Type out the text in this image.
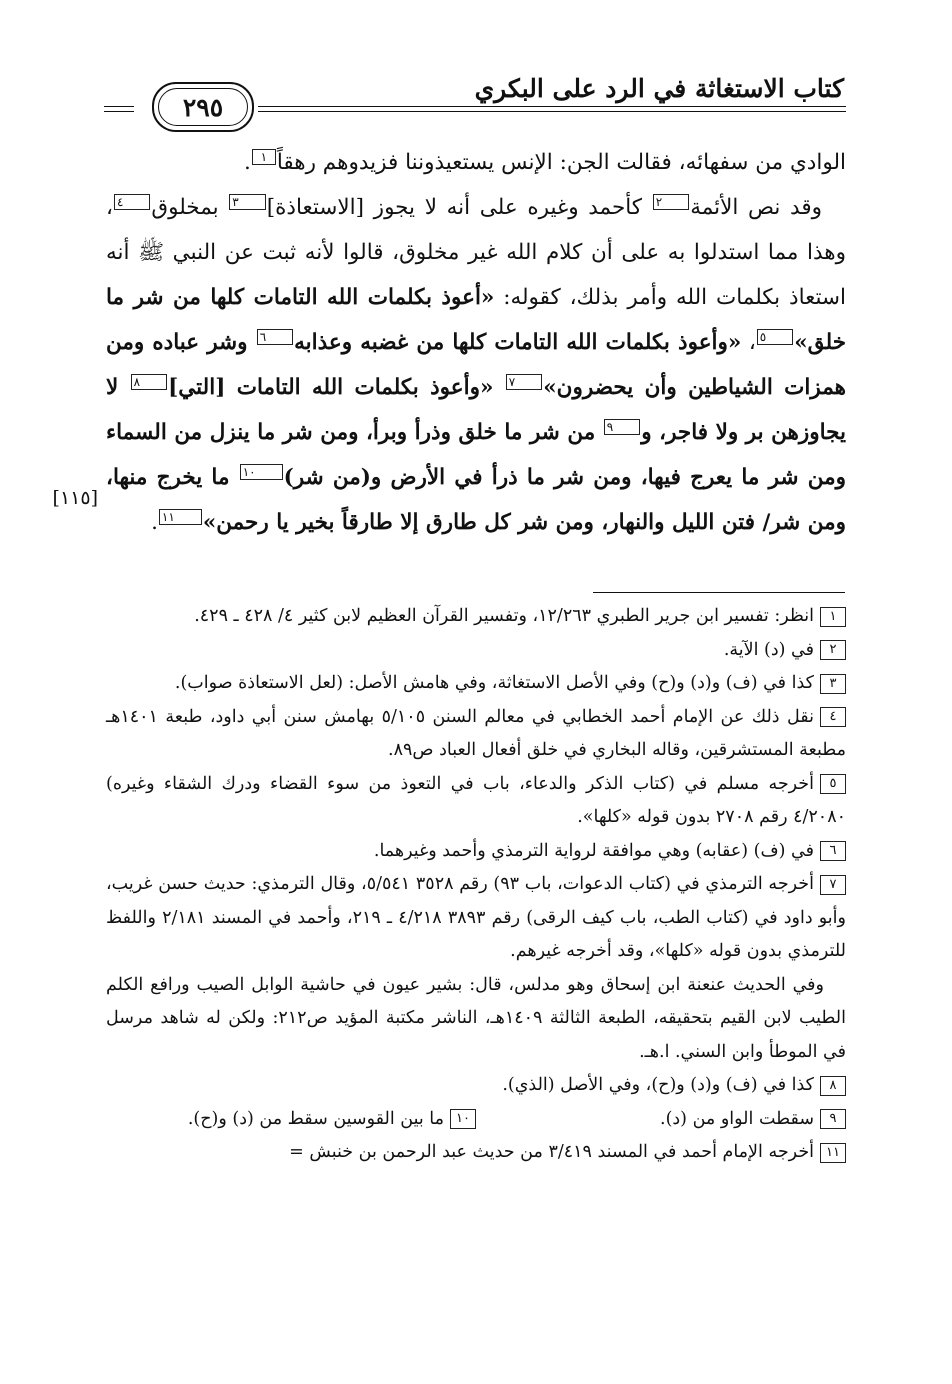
كتاب الاستغاثة في الرد على البكري
٢٩٥

الوادي من سفهائه، فقالت الجن: الإنس يستعيذوننا فزيدوهم رهقاً١.

وقد نص الأئمة٢ كأحمد وغيره على أنه لا يجوز [الاستعاذة]٣ بمخلوق٤، وهذا مما استدلوا به على أن كلام الله غير مخلوق، قالوا لأنه ثبت عن النبي ﷺ أنه استعاذ بكلمات الله وأمر بذلك، كقوله: «أعوذ بكلمات الله التامات كلها من شر ما خلق»٥، «وأعوذ بكلمات الله التامات كلها من غضبه وعذابه٦ وشر عباده ومن همزات الشياطين وأن يحضرون»٧ «وأعوذ بكلمات الله التامات [التي]٨ لا يجاوزهن بر ولا فاجر، و٩ من شر ما خلق وذرأ وبرأ، ومن شر ما ينزل من السماء ومن شر ما يعرج فيها، ومن شر ما ذرأ في الأرض و(من شر)١٠ ما يخرج منها، ومن شر/ فتن الليل والنهار، ومن شر كل طارق إلا طارقاً بخير يا رحمن»١١.

[١١٥]

١انظر: تفسير ابن جرير الطبري ١٢/٢٦٣، وتفسير القرآن العظيم لابن كثير ٤/ ٤٢٨ ـ ٤٢٩.

٢في (د) الآية.

٣كذا في (ف) و(د) و(ح) وفي الأصل الاستغاثة، وفي هامش الأصل: (لعل الاستعاذة صواب).

٤نقل ذلك عن الإمام أحمد الخطابي في معالم السنن ٥/١٠٥ بهامش سنن أبي داود، طبعة ١٤٠١هـ مطبعة المستشرقين، وقاله البخاري في خلق أفعال العباد ص٨٩.

٥أخرجه مسلم في (كتاب الذكر والدعاء، باب في التعوذ من سوء القضاء ودرك الشقاء وغيره) ٤/٢٠٨٠ رقم ٢٧٠٨ بدون قوله «كلها».

٦في (ف) (عقابه) وهي موافقة لرواية الترمذي وأحمد وغيرهما.

٧أخرجه الترمذي في (كتاب الدعوات، باب ٩٣) رقم ٣٥٢٨ ٥/٥٤١، وقال الترمذي: حديث حسن غريب، وأبو داود في (كتاب الطب، باب كيف الرقى) رقم ٣٨٩٣ ٤/٢١٨ ـ ٢١٩، وأحمد في المسند ٢/١٨١ واللفظ للترمذي بدون قوله «كلها»، وقد أخرجه غيرهم.

وفي الحديث عنعنة ابن إسحاق وهو مدلس، قال: بشير عيون في حاشية الوابل الصيب ورافع الكلم الطيب لابن القيم بتحقيقه، الطبعة الثالثة ١٤٠٩هـ، الناشر مكتبة المؤيد ص٢١٢: ولكن له شاهد مرسل في الموطأ وابن السني. ا.هـ.

٨كذا في (ف) و(د) و(ح)، وفي الأصل (الذي).

٩سقطت الواو من (د).

١٠ما بين القوسين سقط من (د) و(ح).

١١أخرجه الإمام أحمد في المسند ٣/٤١٩ من حديث عبد الرحمن بن خنبش =
